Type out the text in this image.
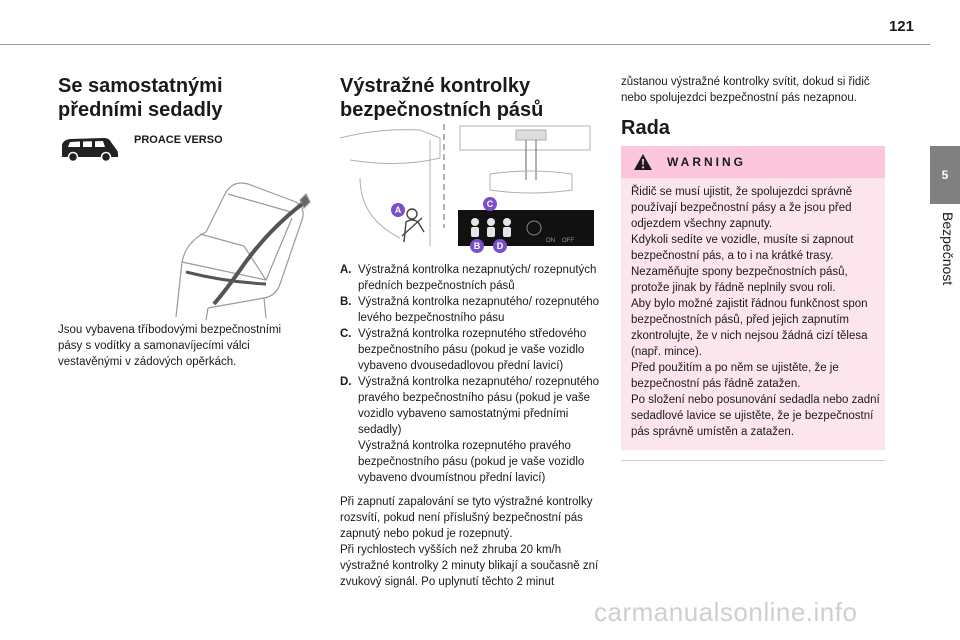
121
5
Bezpečnost
Se samostatnými předními sedadly
PROACE VERSO

Jsou vybavena tříbodovými bezpečnostními pásy s vodítky a samonavíjecími válci vestavěnými v zádových opěrkách.

Výstražné kontrolky bezpečnostních pásů
ON OFF
A
B
C
D
A. Výstražná kontrolka nezapnutých/ rozepnutých předních bezpečnostních pásů
B. Výstražná kontrolka nezapnutého/ rozepnutého levého bezpečnostního pásu
C. Výstražná kontrolka rozepnutého středového bezpečnostního pásu (pokud je vaše vozidlo vybaveno dvousedadlovou přední lavicí)
D. Výstražná kontrolka nezapnutého/ rozepnutého pravého bezpečnostního pásu (pokud je vaše vozidlo vybaveno samostatnými předními sedadly)
Výstražná kontrolka rozepnutého pravého bezpečnostního pásu (pokud je vaše vozidlo vybaveno dvoumístnou přední lavicí)

Při zapnutí zapalování se tyto výstražné kontrolky rozsvítí, pokud není příslušný bezpečnostní pás zapnutý nebo pokud je rozepnutý.

Při rychlostech vyšších než zhruba 20 km/h výstražné kontrolky 2 minuty blikají a současně zní zvukový signál. Po uplynutí těchto 2 minut

zůstanou výstražné kontrolky svítit, dokud si řidič nebo spolujezdci bezpečnostní pás nezapnou.

Rada
WARNING

Řidič se musí ujistit, že spolujezdci správně používají bezpečnostní pásy a že jsou před odjezdem všechny zapnuty.

Kdykoli sedíte ve vozidle, musíte si zapnout bezpečnostní pás, a to i na krátké trasy.

Nezaměňujte spony bezpečnostních pásů, protože jinak by řádně neplnily svou roli.

Aby bylo možné zajistit řádnou funkčnost spon bezpečnostních pásů, před jejich zapnutím zkontrolujte, že v nich nejsou žádná cizí tělesa (např. mince).

Před použitím a po něm se ujistěte, že je bezpečnostní pás řádně zatažen.

Po složení nebo posunování sedadla nebo zadní sedadlové lavice se ujistěte, že je bezpečnostní pás správně umístěn a zatažen.

carmanualsonline.info
